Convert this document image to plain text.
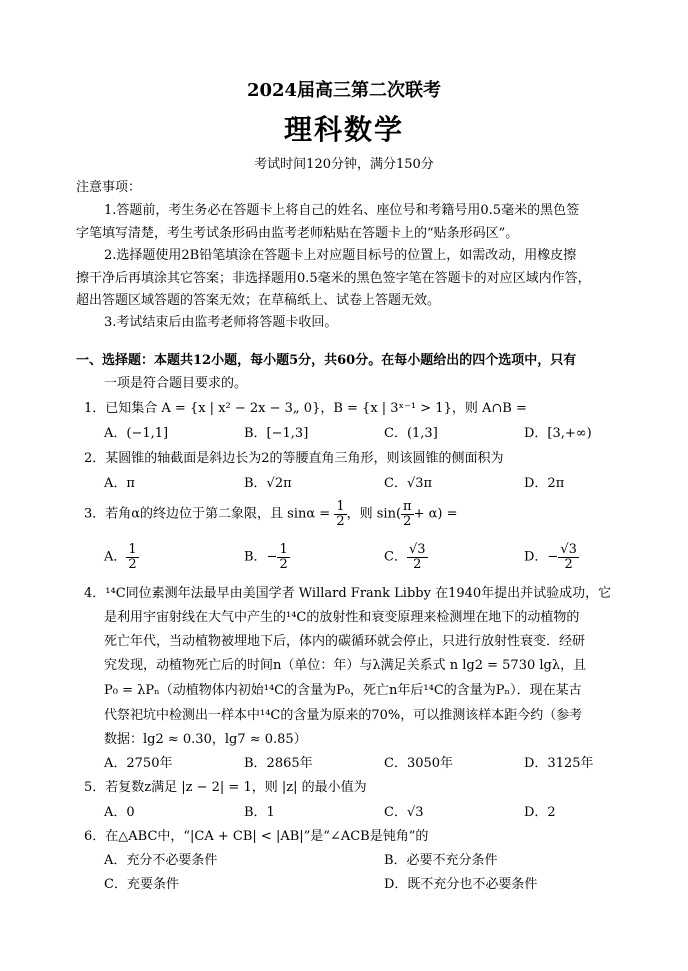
2024届高三第二次联考
理科数学
考试时间120分钟，满分150分
注意事项：
1.答题前，考生务必在答题卡上将自己的姓名、座位号和考籍号用0.5毫米的黑色签
字笔填写清楚，考生考试条形码由监考老师粘贴在答题卡上的“贴条形码区”。
2.选择题使用2B铅笔填涂在答题卡上对应题目标号的位置上，如需改动，用橡皮擦
擦干净后再填涂其它答案；非选择题用0.5毫米的黑色签字笔在答题卡的对应区域内作答，
超出答题区域答题的答案无效；在草稿纸上、试卷上答题无效。
3.考试结束后由监考老师将答题卡收回。
一、选择题：本题共12小题，每小题5分，共60分。在每小题给出的四个选项中，只有
一项是符合题目要求的。
1．已知集合 A = {x | x² − 2x − 3„ 0}，B = {x | 3ˣ⁻¹ > 1}，则 A∩B =
A．(−1,1]	B．[−1,3]	C．(1,3]	D．[3,+∞)
2．某圆锥的轴截面是斜边长为2的等腰直角三角形，则该圆锥的侧面积为
A．π	B．√2π	C．√3π	D．2π
3．若角α的终边位于第二象限，且 $\sin\alpha = \frac{1}{2}$ ，则 $\sin( \frac{\pi}{2} + \alpha)$ =
A． $\frac{1}{2}$	B．− $\frac{1}{2}$	C． $\frac{√3}{2}$	D．− $\frac{√3}{2}$
4．¹⁴C同位素测年法最早由美国学者 Willard Frank Libby 在1940年提出并试验成功，它
是利用宇宙射线在大气中产生的¹⁴C的放射性和衰变原理来检测埋在地下的动植物的
死亡年代，当动植物被埋地下后，体内的碳循环就会停止，只进行放射性衰变．经研
究发现，动植物死亡后的时间n（单位：年）与λ满足关系式 n lg2 = 5730 lgλ，且
P₀ = λPₙ（动植物体内初始¹⁴C的含量为P₀，死亡n年后¹⁴C的含量为Pₙ）．现在某古
代祭祀坑中检测出一样本中¹⁴C的含量为原来的70%，可以推测该样本距今约（参考
数据：lg2 ≈ 0.30，lg7 ≈ 0.85）
A．2750年	B．2865年	C．3050年	D．3125年
5．若复数z满足 |z − 2| = 1，则 |z| 的最小值为
A．0	B．1	C．√3	D．2
6．在△ABC中，“|CA + CB| < |AB|”是“∠ACB是钝角”的
A．充分不必要条件	B．必要不充分条件
C．充要条件	D．既不充分也不必要条件
